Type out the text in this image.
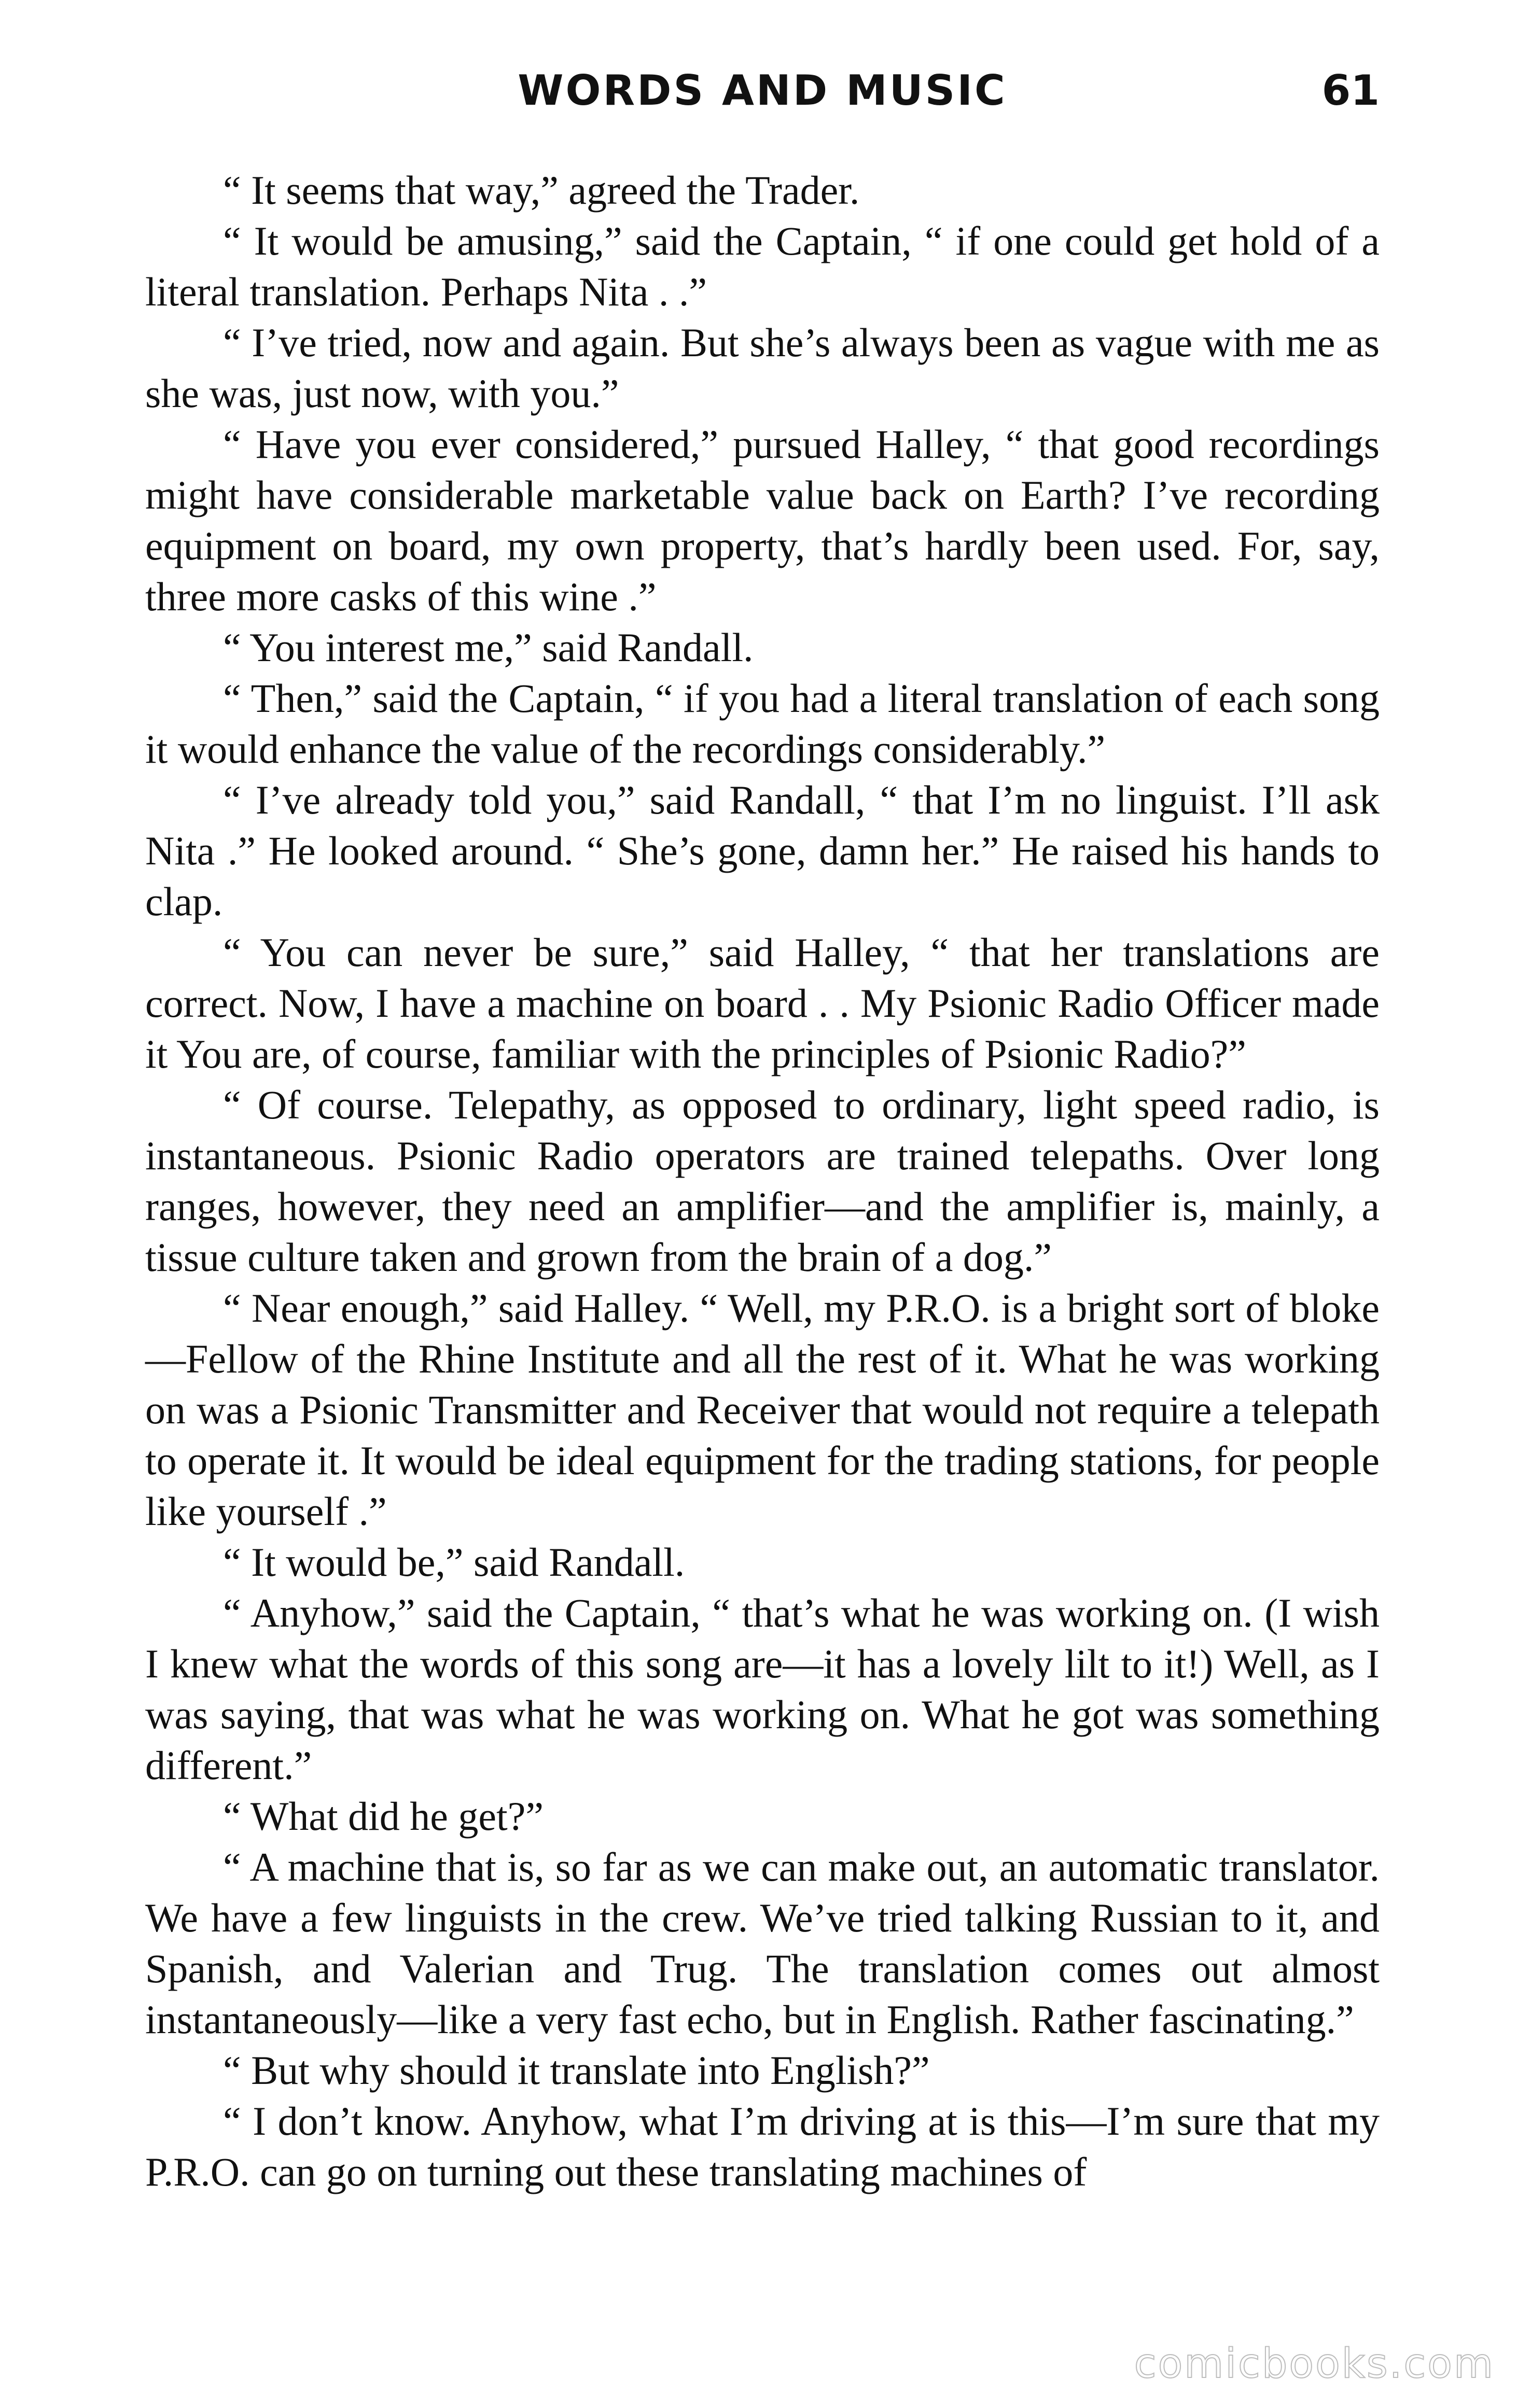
WORDS AND MUSIC	61

“ It seems that way,” agreed the Trader.

“ It would be amusing,” said the Captain, “ if one could get hold of a literal translation. Perhaps Nita . .”

“ I’ve tried, now and again. But she’s always been as vague with me as she was, just now, with you.”

“ Have you ever considered,” pursued Halley, “ that good recordings might have considerable marketable value back on Earth? I’ve recording equipment on board, my own property, that’s hardly been used. For, say, three more casks of this wine .”

“ You interest me,” said Randall.

“ Then,” said the Captain, “ if you had a literal translation of each song it would enhance the value of the recordings considerably.”

“ I’ve already told you,” said Randall, “ that I’m no linguist. I’ll ask Nita .” He looked around. “ She’s gone, damn her.” He raised his hands to clap.

“ You can never be sure,” said Halley, “ that her translations are correct. Now, I have a machine on board . . My Psionic Radio Officer made it You are, of course, familiar with the principles of Psionic Radio?”

“ Of course. Telepathy, as opposed to ordinary, light speed radio, is instantaneous. Psionic Radio operators are trained telepaths. Over long ranges, however, they need an amplifier—and the amplifier is, mainly, a tissue culture taken and grown from the brain of a dog.”

“ Near enough,” said Halley. “ Well, my P.R.O. is a bright sort of bloke—Fellow of the Rhine Institute and all the rest of it. What he was working on was a Psionic Transmitter and Receiver that would not require a telepath to operate it. It would be ideal equipment for the trading stations, for people like yourself .”

“ It would be,” said Randall.

“ Anyhow,” said the Captain, “ that’s what he was working on. (I wish I knew what the words of this song are—it has a lovely lilt to it!) Well, as I was saying, that was what he was working on. What he got was something different.”

“ What did he get?”

“ A machine that is, so far as we can make out, an automatic translator. We have a few linguists in the crew. We’ve tried talking Russian to it, and Spanish, and Valerian and Trug. The translation comes out almost instantaneously—like a very fast echo, but in English. Rather fascinating.”

“ But why should it translate into English?”

“ I don’t know. Anyhow, what I’m driving at is this—I’m sure that my P.R.O. can go on turning out these translating machines of

comicbooks.com
